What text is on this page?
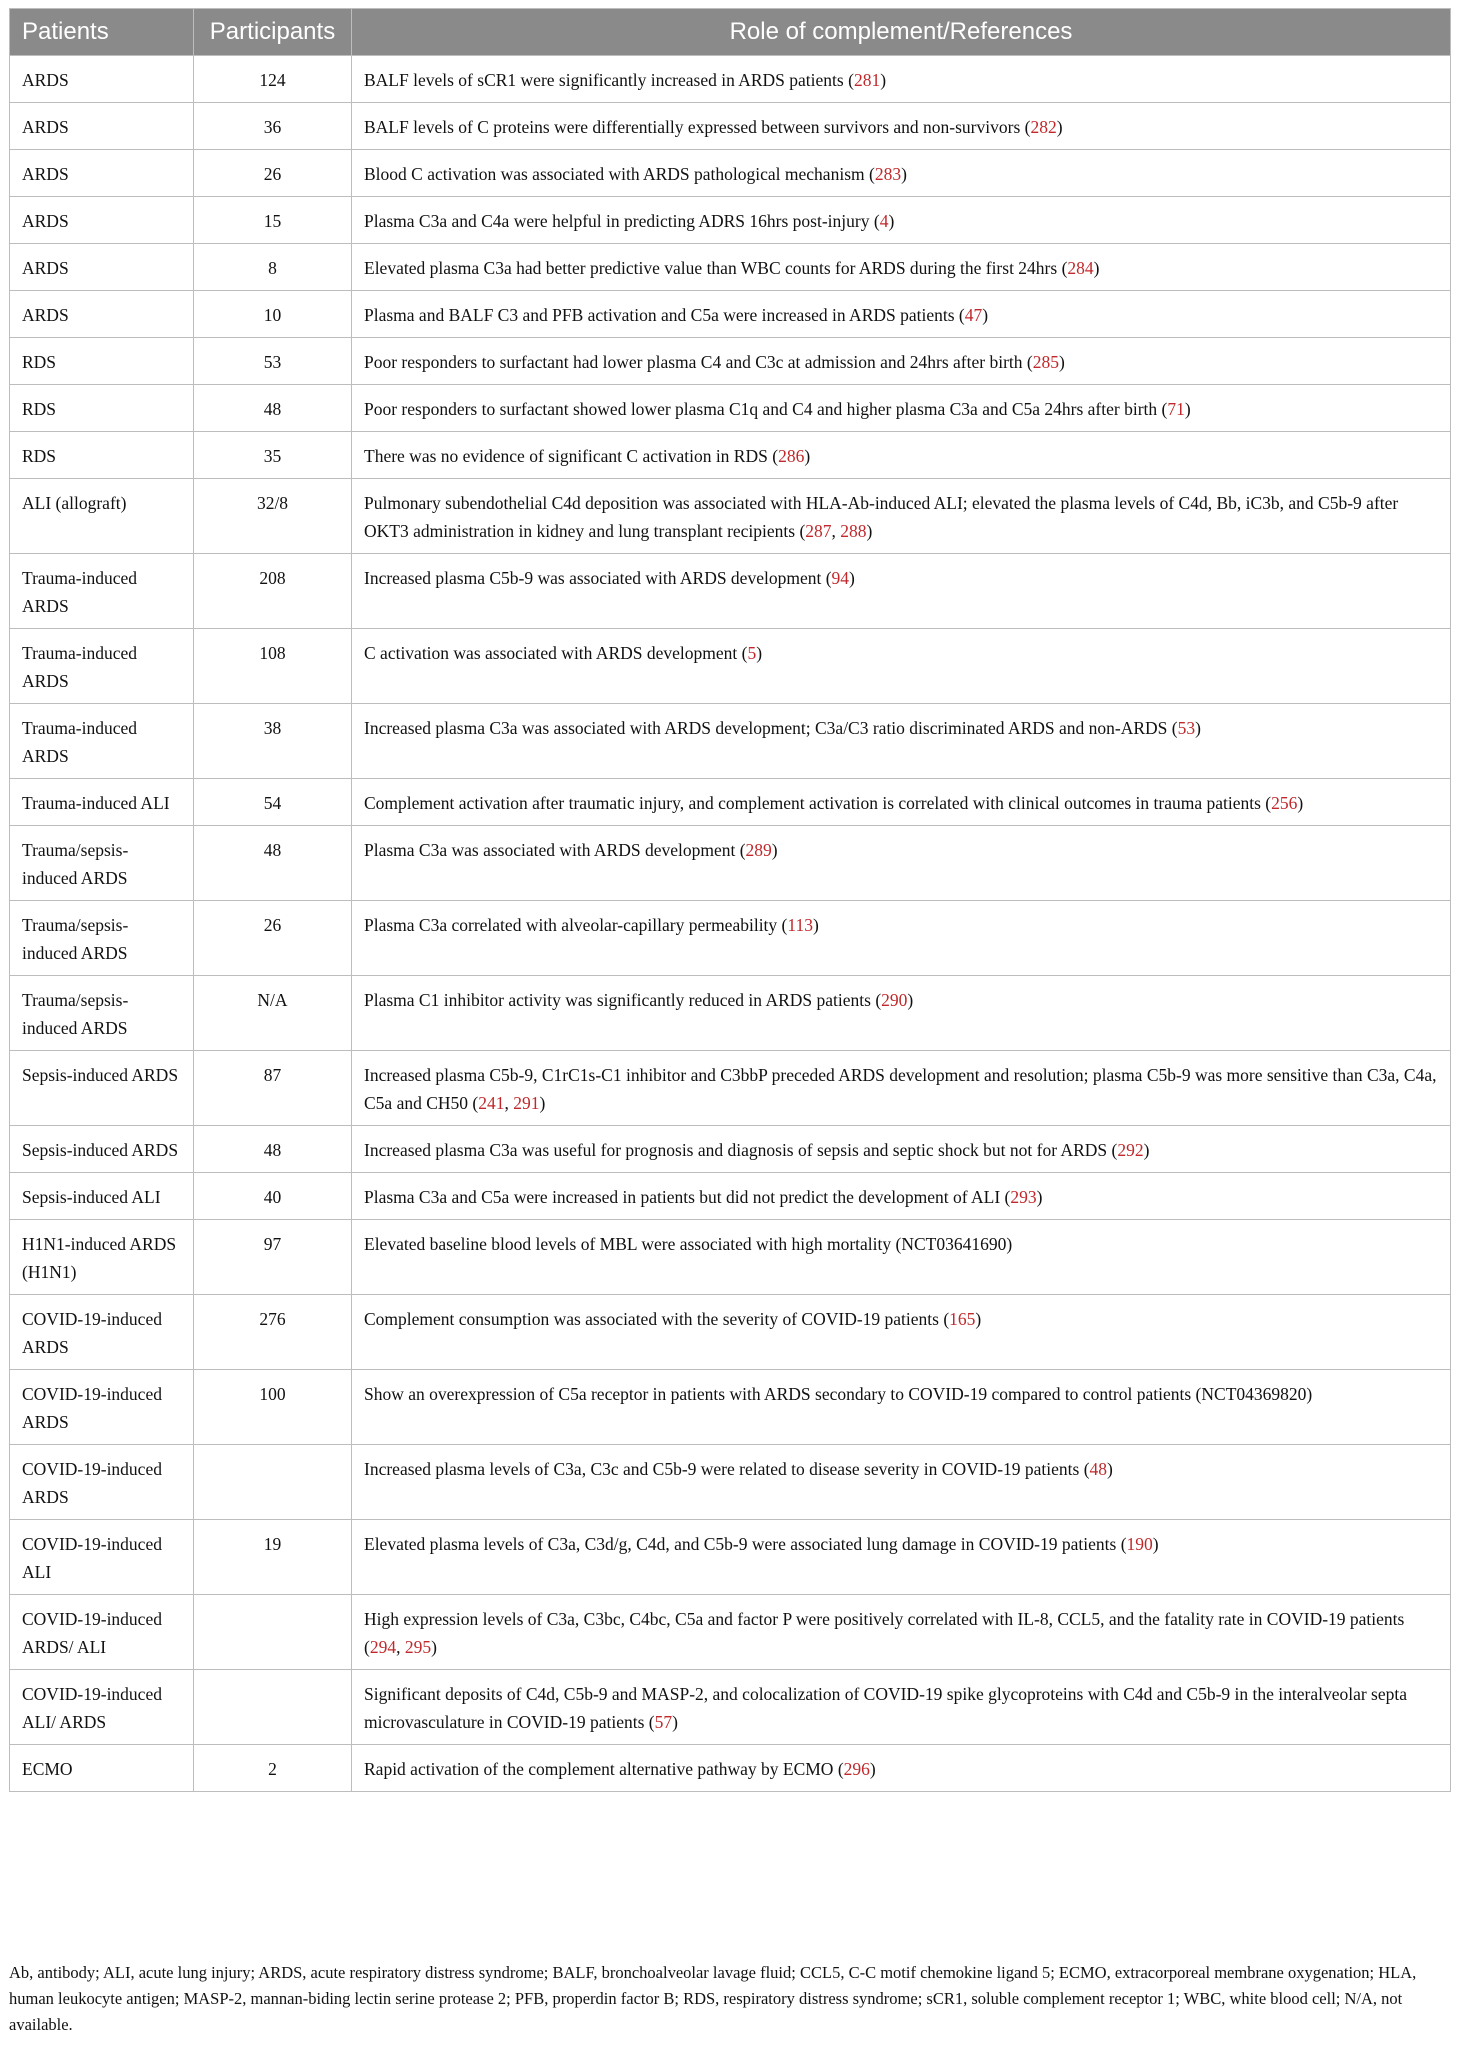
Patients	Participants	Role of complement/References
ARDS	124	BALF levels of sCR1 were significantly increased in ARDS patients (281)
ARDS	36	BALF levels of C proteins were differentially expressed between survivors and non-survivors (282)
ARDS	26	Blood C activation was associated with ARDS pathological mechanism (283)
ARDS	15	Plasma C3a and C4a were helpful in predicting ADRS 16hrs post-injury (4)
ARDS	8	Elevated plasma C3a had better predictive value than WBC counts for ARDS during the first 24hrs (284)
ARDS	10	Plasma and BALF C3 and PFB activation and C5a were increased in ARDS patients (47)
RDS	53	Poor responders to surfactant had lower plasma C4 and C3c at admission and 24hrs after birth (285)
RDS	48	Poor responders to surfactant showed lower plasma C1q and C4 and higher plasma C3a and C5a 24hrs after birth (71)
RDS	35	There was no evidence of significant C activation in RDS (286)
ALI (allograft)	32/8	Pulmonary subendothelial C4d deposition was associated with HLA-Ab-induced ALI; elevated the plasma levels of C4d, Bb, iC3b, and C5b-9 after OKT3 administration in kidney and lung transplant recipients (287, 288)
Trauma-induced ARDS	208	Increased plasma C5b-9 was associated with ARDS development (94)
Trauma-induced ARDS	108	C activation was associated with ARDS development (5)
Trauma-induced ARDS	38	Increased plasma C3a was associated with ARDS development; C3a/C3 ratio discriminated ARDS and non-ARDS (53)
Trauma-induced ALI	54	Complement activation after traumatic injury, and complement activation is correlated with clinical outcomes in trauma patients (256)
Trauma/sepsis-induced ARDS	48	Plasma C3a was associated with ARDS development (289)
Trauma/sepsis-induced ARDS	26	Plasma C3a correlated with alveolar-capillary permeability (113)
Trauma/sepsis-induced ARDS	N/A	Plasma C1 inhibitor activity was significantly reduced in ARDS patients (290)
Sepsis-induced ARDS	87	Increased plasma C5b-9, C1rC1s-C1 inhibitor and C3bbP preceded ARDS development and resolution; plasma C5b-9 was more sensitive than C3a, C4a, C5a and CH50 (241, 291)
Sepsis-induced ARDS	48	Increased plasma C3a was useful for prognosis and diagnosis of sepsis and septic shock but not for ARDS (292)
Sepsis-induced ALI	40	Plasma C3a and C5a were increased in patients but did not predict the development of ALI (293)
H1N1-induced ARDS (H1N1)	97	Elevated baseline blood levels of MBL were associated with high mortality (NCT03641690)
COVID-19-induced ARDS	276	Complement consumption was associated with the severity of COVID-19 patients (165)
COVID-19-induced ARDS	100	Show an overexpression of C5a receptor in patients with ARDS secondary to COVID-19 compared to control patients (NCT04369820)
COVID-19-induced ARDS		Increased plasma levels of C3a, C3c and C5b-9 were related to disease severity in COVID-19 patients (48)
COVID-19-induced ALI	19	Elevated plasma levels of C3a, C3d/g, C4d, and C5b-9 were associated lung damage in COVID-19 patients (190)
COVID-19-induced ARDS/ ALI		High expression levels of C3a, C3bc, C4bc, C5a and factor P were positively correlated with IL-8, CCL5, and the fatality rate in COVID-19 patients (294, 295)
COVID-19-induced ALI/ ARDS		Significant deposits of C4d, C5b-9 and MASP-2, and colocalization of COVID-19 spike glycoproteins with C4d and C5b-9 in the interalveolar septa microvasculature in COVID-19 patients (57)
ECMO	2	Rapid activation of the complement alternative pathway by ECMO (296)

Ab, antibody; ALI, acute lung injury; ARDS, acute respiratory distress syndrome; BALF, bronchoalveolar lavage fluid; CCL5, C-C motif chemokine ligand 5; ECMO, extracorporeal membrane oxygenation; HLA, human leukocyte antigen; MASP-2, mannan-biding lectin serine protease 2; PFB, properdin factor B; RDS, respiratory distress syndrome; sCR1, soluble complement receptor 1; WBC, white blood cell; N/A, not available.
